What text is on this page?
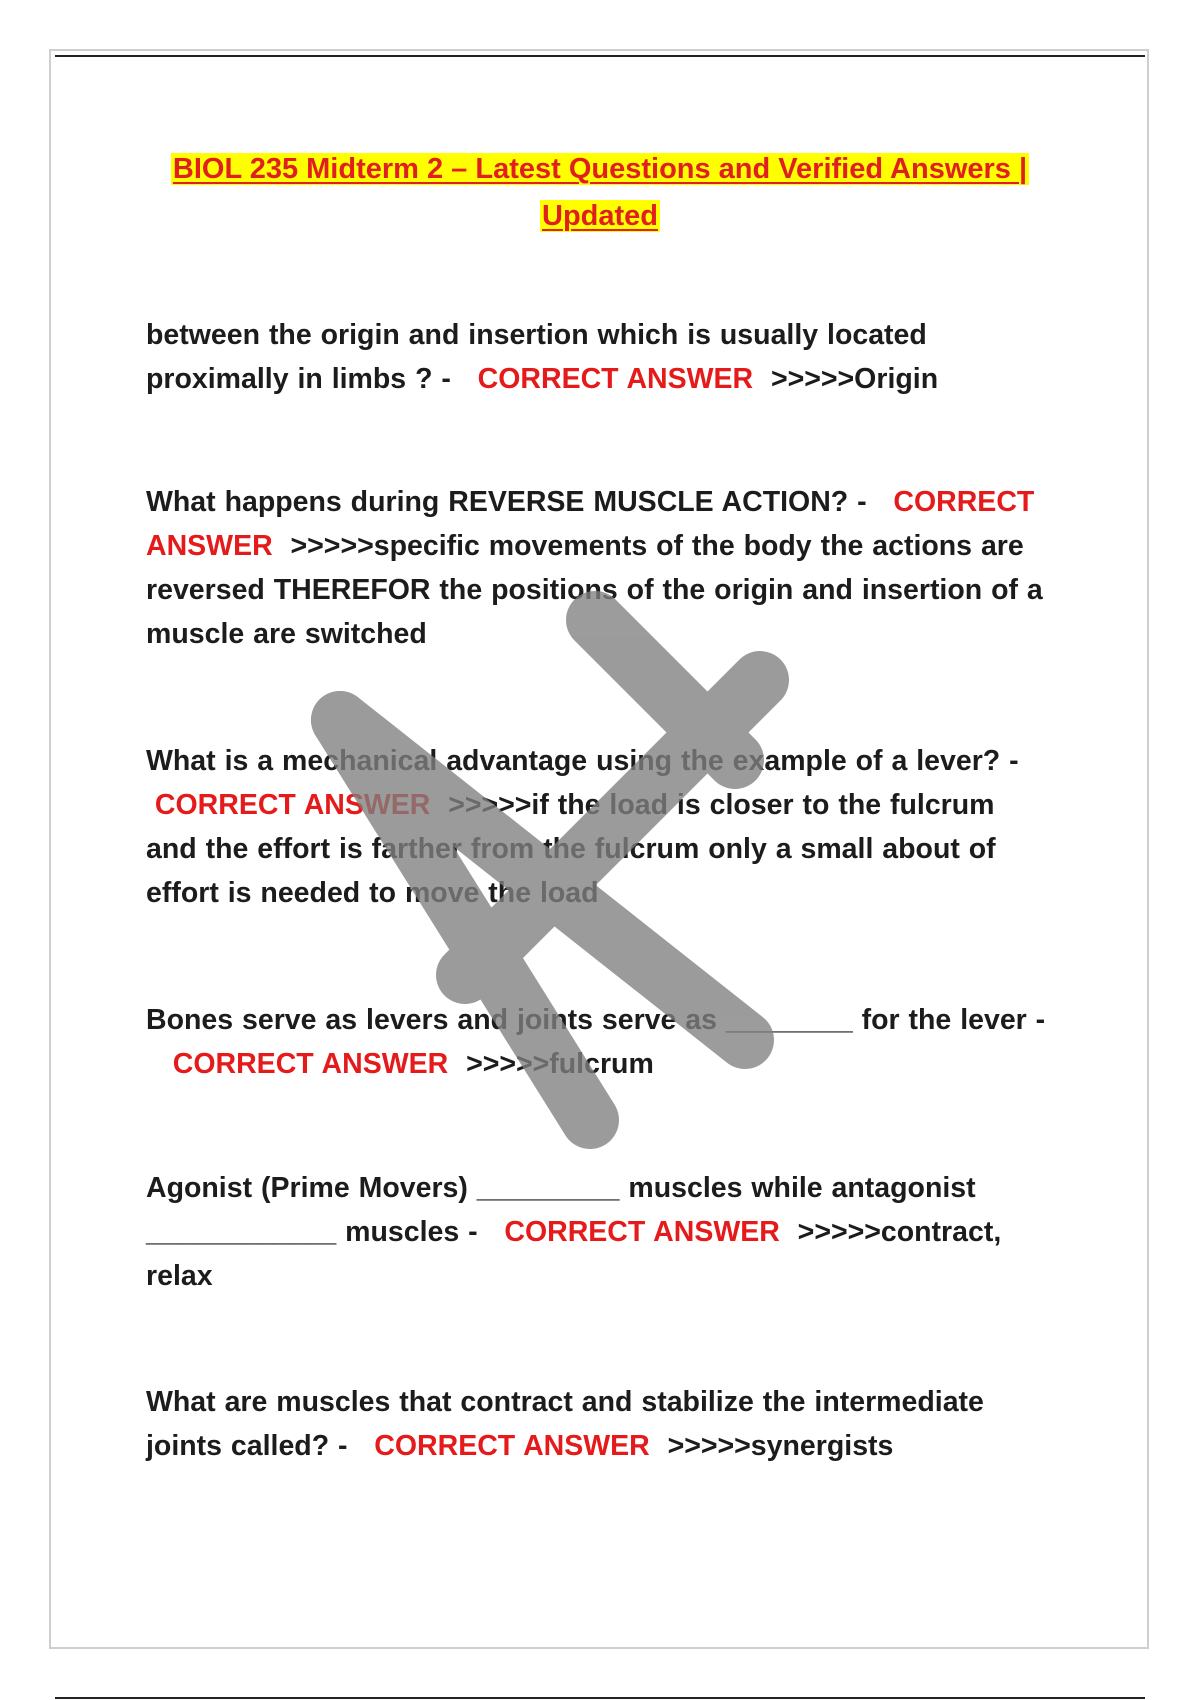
BIOL 235 Midterm 2 – Latest Questions and Verified Answers |
Updated
between the origin and insertion which is usually located proximally in limbs ? - CORRECT ANSWER >>>>>Origin
What happens during REVERSE MUSCLE ACTION? - CORRECT ANSWER >>>>>specific movements of the body the actions are reversed THEREFOR the positions of the origin and insertion of a muscle are switched
What is a mechanical advantage using the example of a lever? - CORRECT ANSWER >>>>>if the load is closer to the fulcrum and the effort is farther from the fulcrum only a small about of effort is needed to move the load
Bones serve as levers and joints serve as ________ for the lever -   CORRECT ANSWER >>>>>fulcrum
Agonist (Prime Movers) _________ muscles while antagonist ____________ muscles - CORRECT ANSWER >>>>>contract, relax
What are muscles that contract and stabilize the intermediate joints called? - CORRECT ANSWER >>>>>synergists
